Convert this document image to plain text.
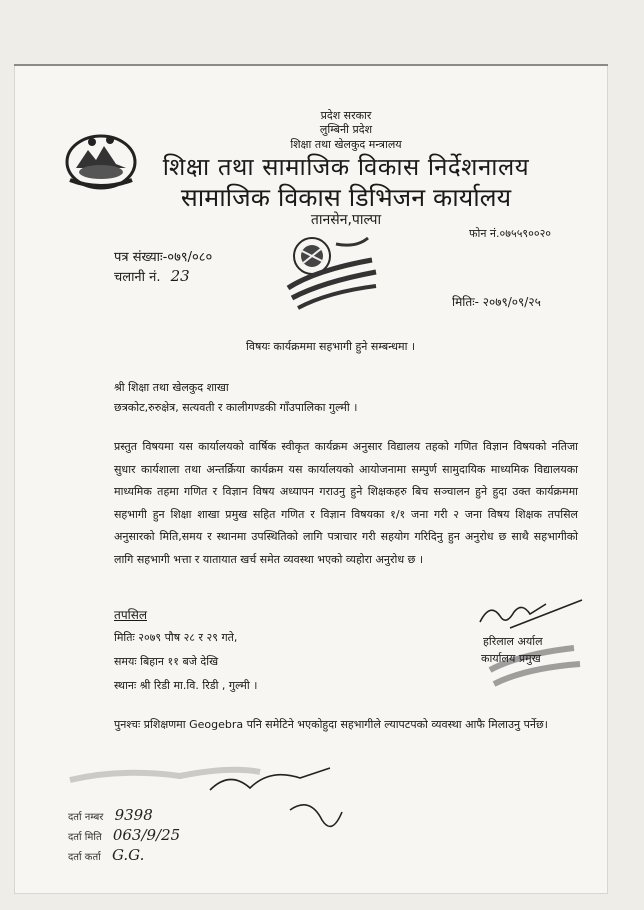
प्रदेश सरकार
लुम्बिनी प्रदेश
शिक्षा तथा खेलकुद मन्त्रालय
शिक्षा तथा सामाजिक विकास निर्देशनालय
सामाजिक विकास डिभिजन कार्यालय
तानसेन,पाल्पा
फोन नं.०७५५९००२०
पत्र संख्याः-०७९/०८०
चलानी नं. 23
मितिः- २०७९/०९/२५
विषयः कार्यक्रममा सहभागी हुने सम्बन्धमा ।
श्री शिक्षा तथा खेलकुद शाखा
छत्रकोट,रुरुक्षेत्र, सत्यवती र कालीगण्डकी गाँउपालिका गुल्मी ।
प्रस्तुत विषयमा यस कार्यालयको वार्षिक स्वीकृत कार्यक्रम अनुसार विद्यालय तहको गणित विज्ञान विषयको नतिजा सुधार कार्यशाला तथा अन्तर्क्रिया कार्यक्रम यस कार्यालयको आयोजनामा सम्पुर्ण सामुदायिक माध्यमिक विद्यालयका माध्यमिक तहमा गणित र विज्ञान विषय अध्यापन गराउनु हुने शिक्षकहरु बिच सञ्चालन हुने हुदा उक्त कार्यक्रममा सहभागी हुन शिक्षा शाखा प्रमुख सहित गणित र विज्ञान विषयका १/१ जना गरी २ जना विषय शिक्षक तपसिल अनुसारको मिति,समय र स्थानमा उपस्थितिको लागि पत्राचार गरी सहयोग गरिदिनु हुन अनुरोध छ साथै सहभागीको लागि सहभागी भत्ता र यातायात खर्च समेत व्यवस्था भएको व्यहोरा अनुरोध छ ।
तपसिल
मितिः २०७९ पौष २८ र २९ गते,
समयः बिहान ११ बजे देखि
स्थानः श्री रिडी मा.वि. रिडी , गुल्मी ।
हरिलाल अर्याल
कार्यालय प्रमुख
पुनश्चः प्रशिक्षणमा Geogebra पनि समेटिने भएकोहुदा सहभागीले ल्यापटपको व्यवस्था आफै मिलाउनु पर्नेछ।
दर्ता नम्बर 9398
दर्ता मिति 063/9/25
दर्ता कर्ता G.G.
